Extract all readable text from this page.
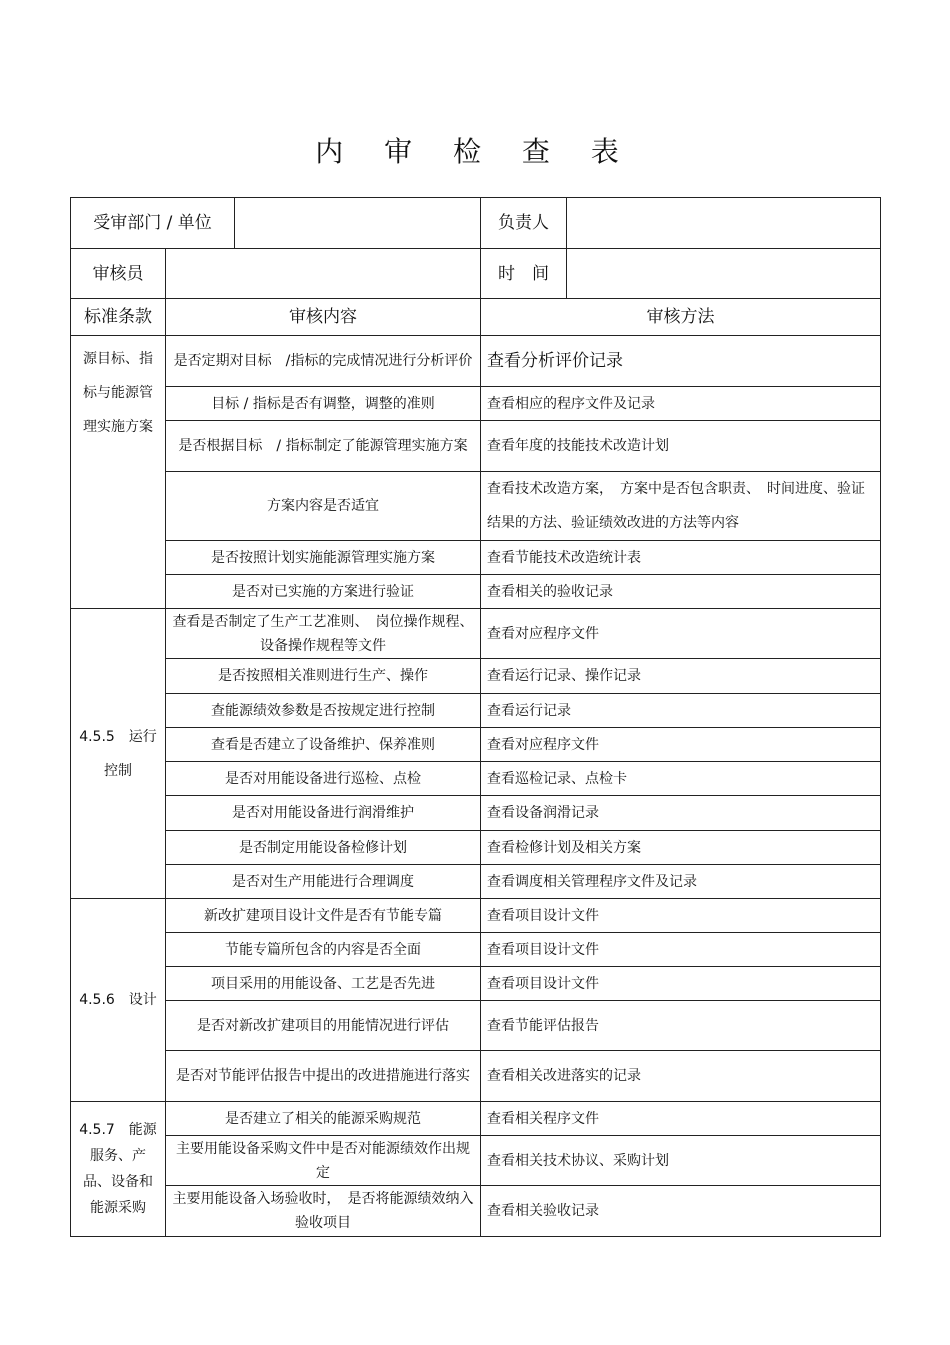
内 审 检 查 表
受审部门 / 单位			负责人	
审核员			时　间	
标准条款	审核内容		审核方法	
源目标、指标与能源管理实施方案	是否定期对目标　/指标的完成情况进行分析评价		查看分析评价记录	
	目标 / 指标是否有调整，调整的准则		查看相应的程序文件及记录	
	是否根据目标　/ 指标制定了能源管理实施方案		查看年度的技能技术改造计划	
	方案内容是否适宜		查看技术改造方案，　方案中是否包含职责、　时间进度、验证结果的方法、验证绩效改进的方法等内容	
	是否按照计划实施能源管理实施方案		查看节能技术改造统计表	
	是否对已实施的方案进行验证		查看相关的验收记录	
4.5.5　运行控制	查看是否制定了生产工艺准则、　岗位操作规程、设备操作规程等文件		查看对应程序文件	
	是否按照相关准则进行生产、操作		查看运行记录、操作记录	
	查能源绩效参数是否按规定进行控制		查看运行记录	
	查看是否建立了设备维护、保养准则		查看对应程序文件	
	是否对用能设备进行巡检、点检		查看巡检记录、点检卡	
	是否对用能设备进行润滑维护		查看设备润滑记录	
	是否制定用能设备检修计划		查看检修计划及相关方案	
	是否对生产用能进行合理调度		查看调度相关管理程序文件及记录	
4.5.6　设计	新改扩建项目设计文件是否有节能专篇		查看项目设计文件	
	节能专篇所包含的内容是否全面		查看项目设计文件	
	项目采用的用能设备、工艺是否先进		查看项目设计文件	
	是否对新改扩建项目的用能情况进行评估		查看节能评估报告	
	是否对节能评估报告中提出的改进措施进行落实		查看相关改进落实的记录	
4.5.7　能源服务、产品、设备和能源采购	是否建立了相关的能源采购规范		查看相关程序文件	
	主要用能设备采购文件中是否对能源绩效作出规定		查看相关技术协议、采购计划	
	主要用能设备入场验收时，　是否将能源绩效纳入验收项目		查看相关验收记录	
